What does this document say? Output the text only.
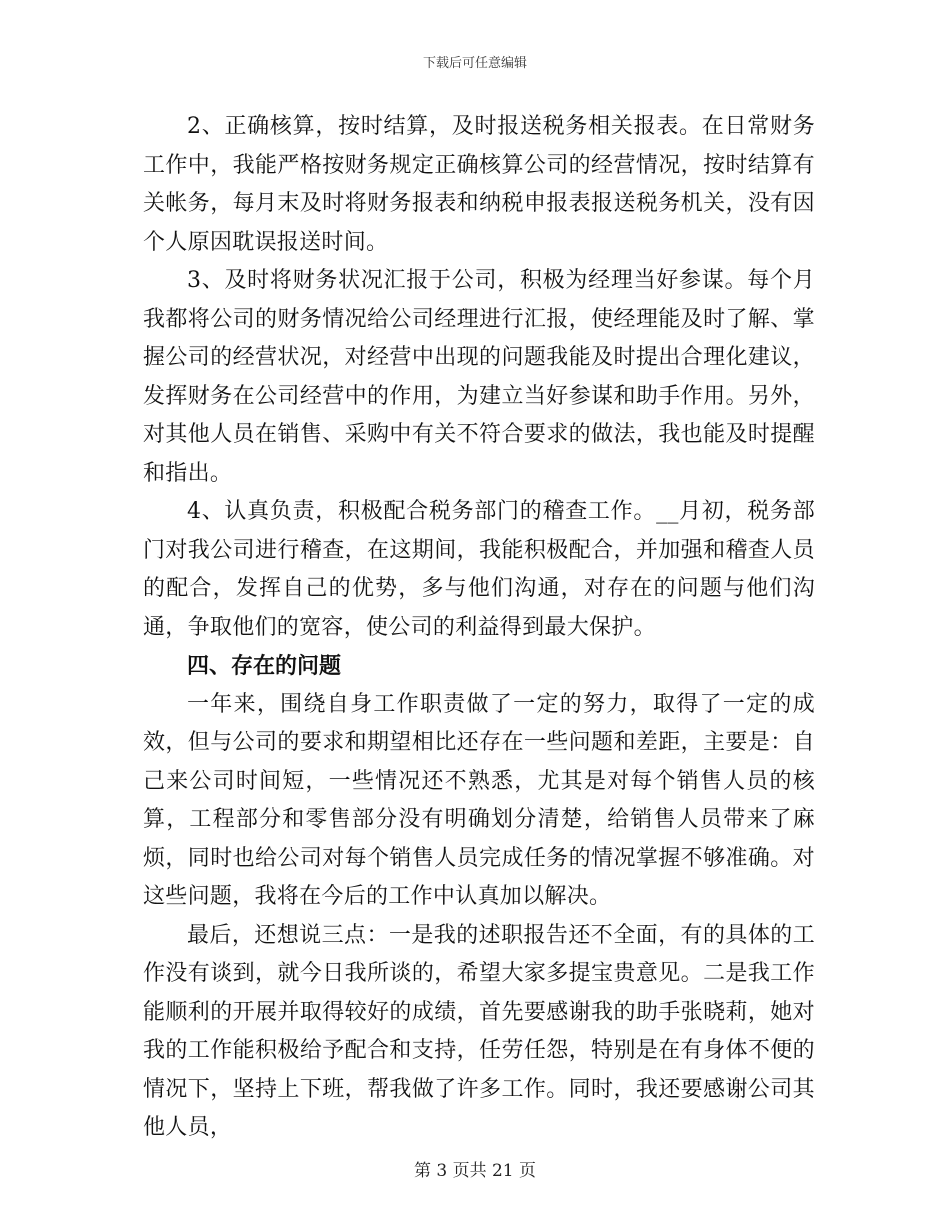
下载后可任意编辑

2、正确核算，按时结算，及时报送税务相关报表。在日常财务工作中，我能严格按财务规定正确核算公司的经营情况，按时结算有关帐务，每月末及时将财务报表和纳税申报表报送税务机关，没有因个人原因耽误报送时间。

3、及时将财务状况汇报于公司，积极为经理当好参谋。每个月我都将公司的财务情况给公司经理进行汇报，使经理能及时了解、掌握公司的经营状况，对经营中出现的问题我能及时提出合理化建议，发挥财务在公司经营中的作用，为建立当好参谋和助手作用。另外，对其他人员在销售、采购中有关不符合要求的做法，我也能及时提醒和指出。

4、认真负责，积极配合税务部门的稽查工作。__月初，税务部门对我公司进行稽查，在这期间，我能积极配合，并加强和稽查人员的配合，发挥自己的优势，多与他们沟通，对存在的问题与他们沟通，争取他们的宽容，使公司的利益得到最大保护。

四、存在的问题

一年来，围绕自身工作职责做了一定的努力，取得了一定的成效，但与公司的要求和期望相比还存在一些问题和差距，主要是：自己来公司时间短，一些情况还不熟悉，尤其是对每个销售人员的核算，工程部分和零售部分没有明确划分清楚，给销售人员带来了麻烦，同时也给公司对每个销售人员完成任务的情况掌握不够准确。对这些问题，我将在今后的工作中认真加以解决。

最后，还想说三点：一是我的述职报告还不全面，有的具体的工作没有谈到，就今日我所谈的，希望大家多提宝贵意见。二是我工作能顺利的开展并取得较好的成绩，首先要感谢我的助手张晓莉，她对我的工作能积极给予配合和支持，任劳任怨，特别是在有身体不便的情况下，坚持上下班，帮我做了许多工作。同时，我还要感谢公司其他人员，

第 3 页共 21 页
